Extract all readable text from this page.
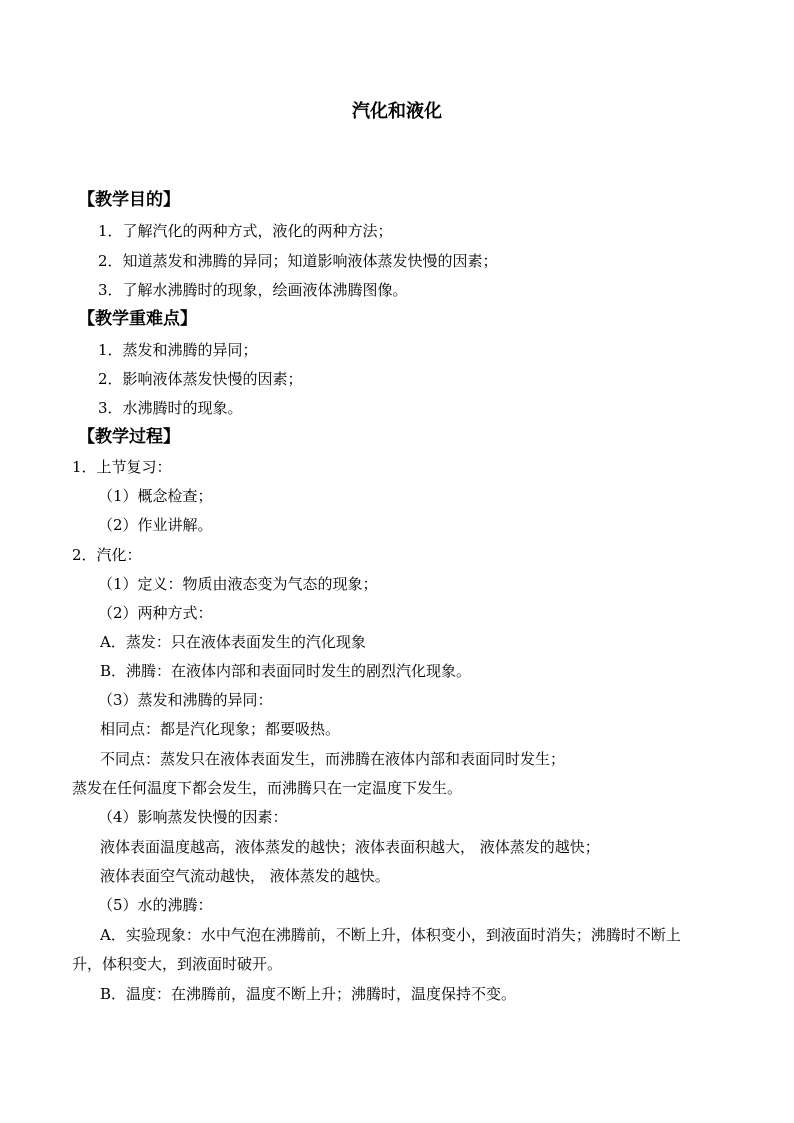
汽化和液化
【教学目的】
1．了解汽化的两种方式，液化的两种方法；
2．知道蒸发和沸腾的异同；知道影响液体蒸发快慢的因素；
3．了解水沸腾时的现象，绘画液体沸腾图像。
【教学重难点】
1．蒸发和沸腾的异同；
2．影响液体蒸发快慢的因素；
3．水沸腾时的现象。
【教学过程】
1．上节复习：
（1）概念检查；
（2）作业讲解。
2．汽化：
（1）定义：物质由液态变为气态的现象；
（2）两种方式：
A．蒸发：只在液体表面发生的汽化现象
B．沸腾：在液体内部和表面同时发生的剧烈汽化现象。
（3）蒸发和沸腾的异同：
相同点：都是汽化现象；都要吸热。
不同点：蒸发只在液体表面发生，而沸腾在液体内部和表面同时发生；
蒸发在任何温度下都会发生，而沸腾只在一定温度下发生。
（4）影响蒸发快慢的因素：
液体表面温度越高，液体蒸发的越快；液体表面积越大， 液体蒸发的越快；
液体表面空气流动越快， 液体蒸发的越快。
（5）水的沸腾：
A．实验现象：水中气泡在沸腾前，不断上升，体积变小，到液面时消失；沸腾时不断上
升，体积变大，到液面时破开。
B．温度：在沸腾前，温度不断上升；沸腾时，温度保持不变。
